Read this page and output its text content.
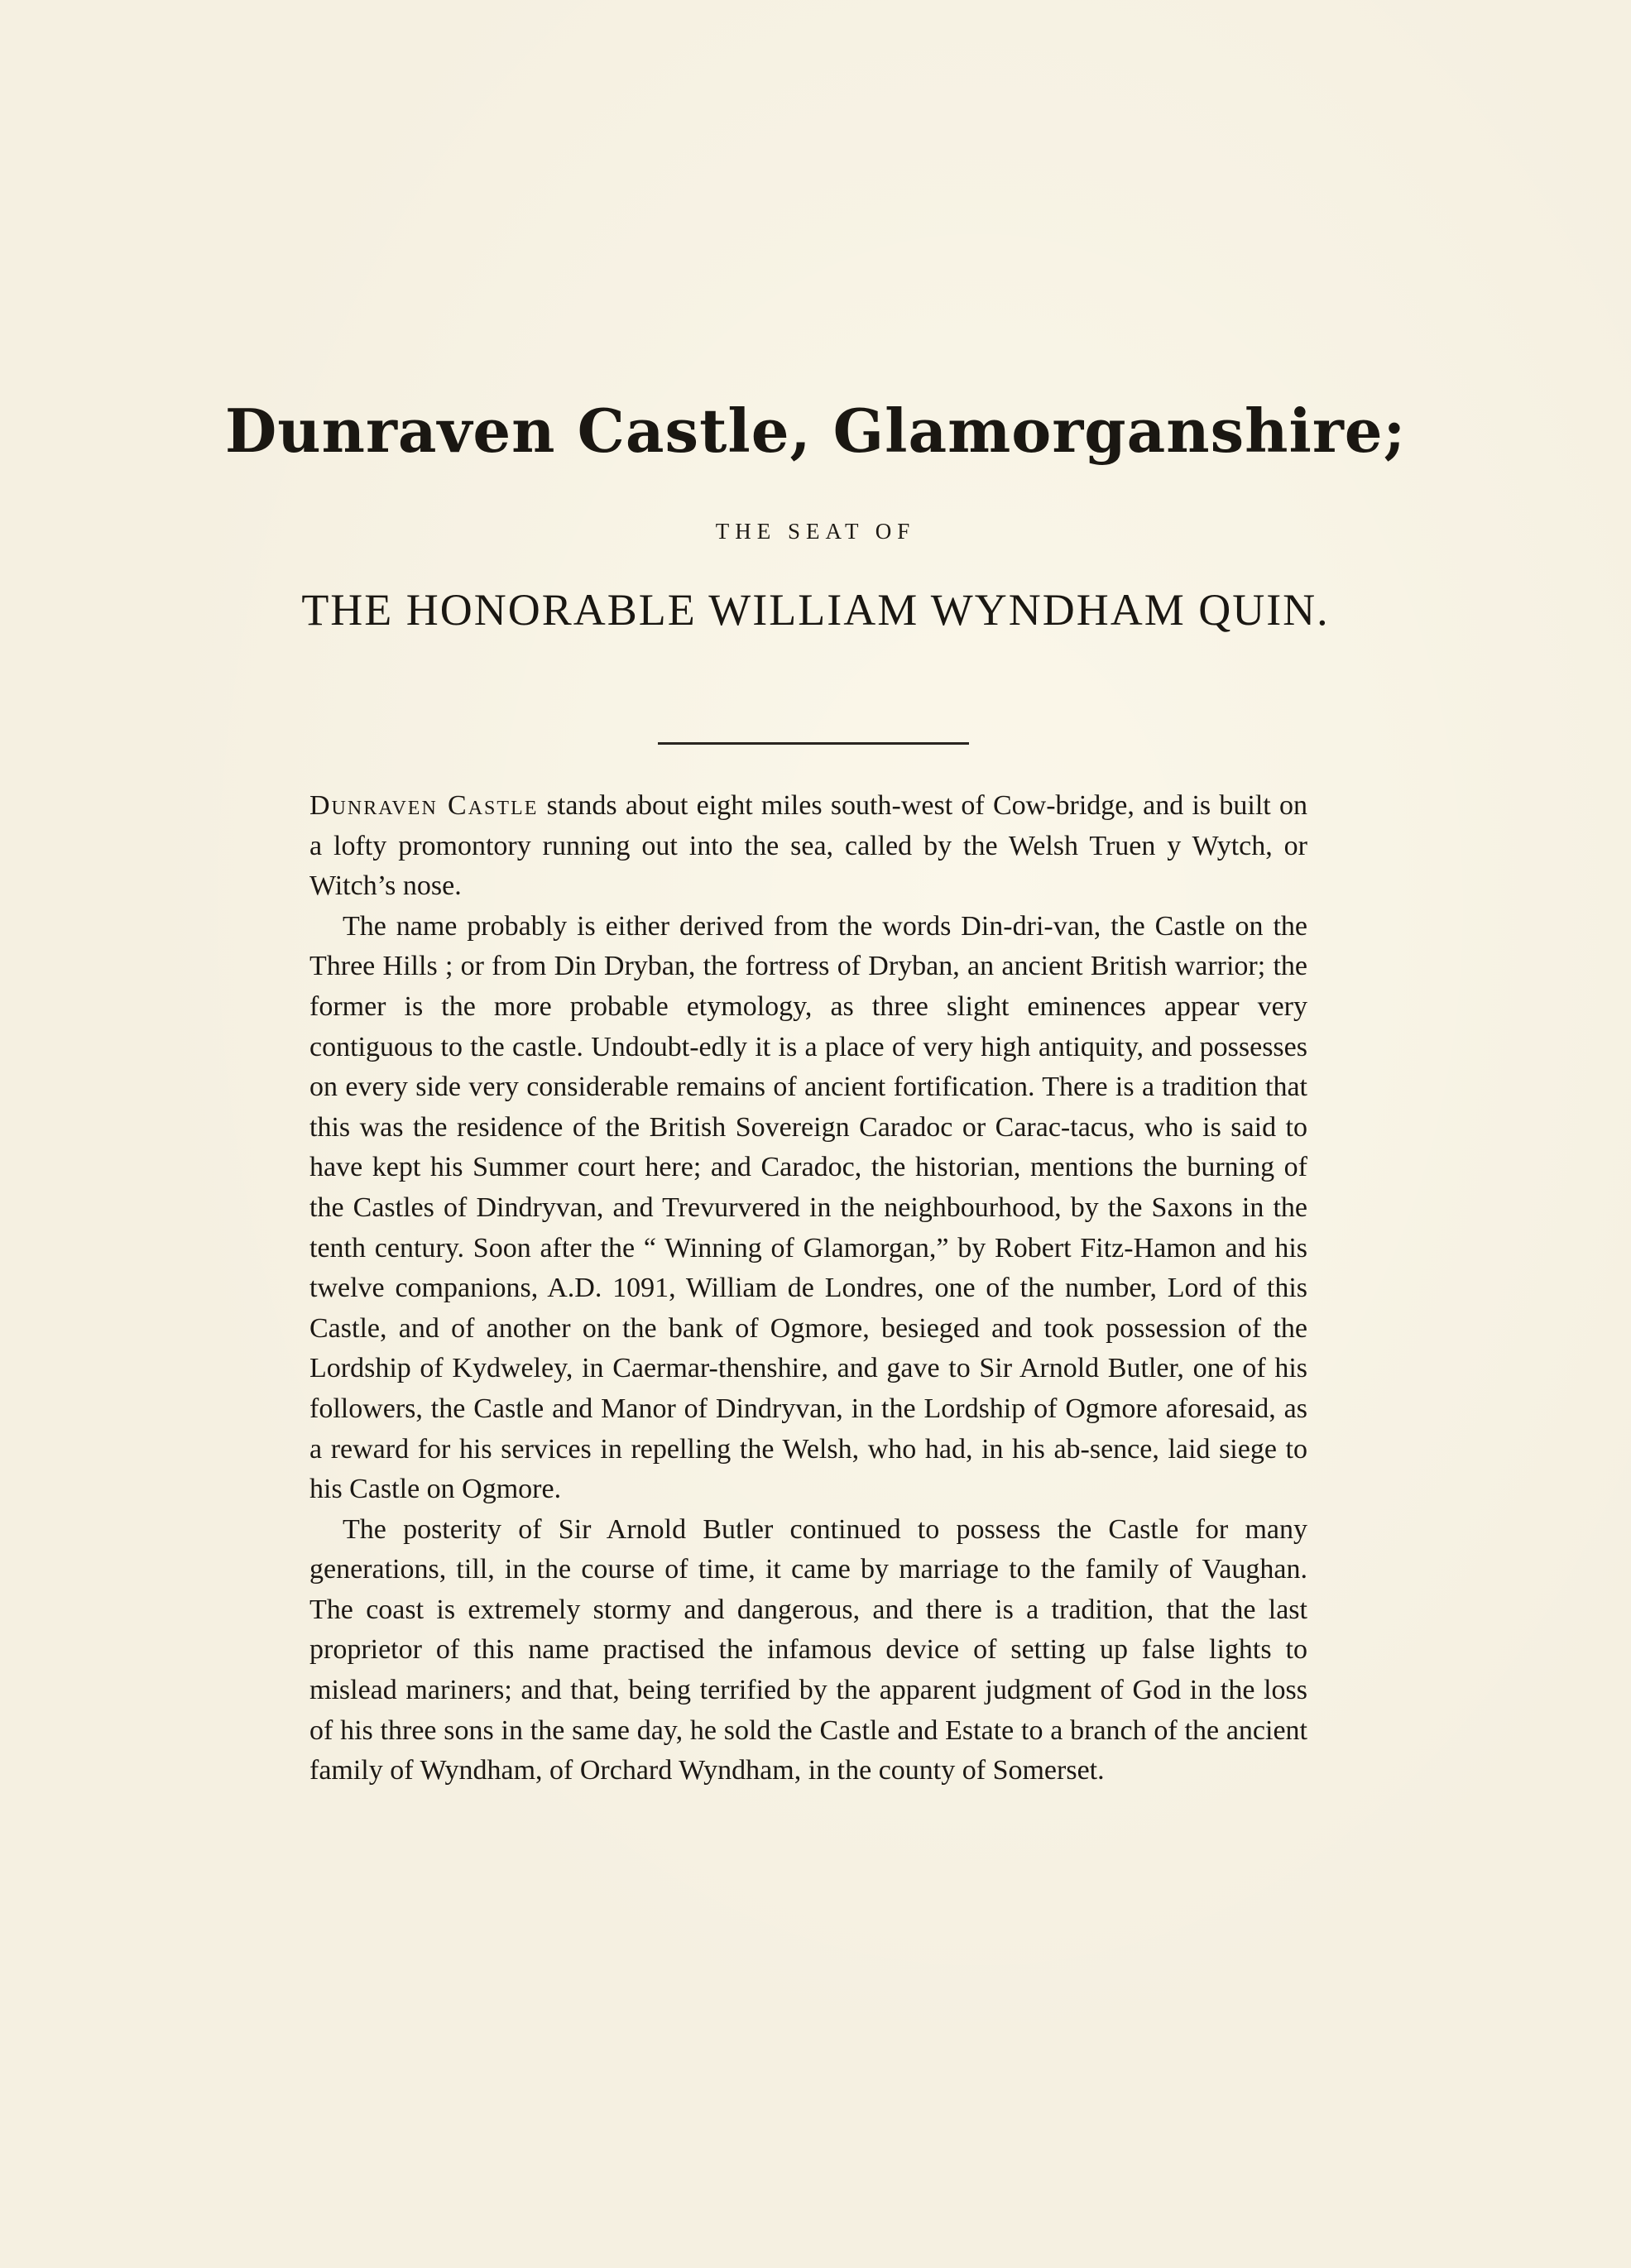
Dunraven Castle, Glamorganshire;
THE SEAT OF
THE HONORABLE WILLIAM WYNDHAM QUIN.

Dunraven Castle stands about eight miles south-west of Cow-bridge, and is built on a lofty promontory running out into the sea, called by the Welsh Truen y Wytch, or Witch’s nose.

The name probably is either derived from the words Din-dri-van, the Castle on the Three Hills ; or from Din Dryban, the fortress of Dryban, an ancient British warrior; the former is the more probable etymology, as three slight eminences appear very contiguous to the castle. Undoubt-edly it is a place of very high antiquity, and possesses on every side very considerable remains of ancient fortification. There is a tradition that this was the residence of the British Sovereign Caradoc or Carac-tacus, who is said to have kept his Summer court here; and Caradoc, the historian, mentions the burning of the Castles of Dindryvan, and Trevurvered in the neighbourhood, by the Saxons in the tenth century. Soon after the “ Winning of Glamorgan,” by Robert Fitz-Hamon and his twelve companions, A.D. 1091, William de Londres, one of the number, Lord of this Castle, and of another on the bank of Ogmore, besieged and took possession of the Lordship of Kydweley, in Caermar-thenshire, and gave to Sir Arnold Butler, one of his followers, the Castle and Manor of Dindryvan, in the Lordship of Ogmore aforesaid, as a reward for his services in repelling the Welsh, who had, in his ab-sence, laid siege to his Castle on Ogmore.

The posterity of Sir Arnold Butler continued to possess the Castle for many generations, till, in the course of time, it came by marriage to the family of Vaughan. The coast is extremely stormy and dangerous, and there is a tradition, that the last proprietor of this name practised the infamous device of setting up false lights to mislead mariners; and that, being terrified by the apparent judgment of God in the loss of his three sons in the same day, he sold the Castle and Estate to a branch of the ancient family of Wyndham, of Orchard Wyndham, in the county of Somerset.
